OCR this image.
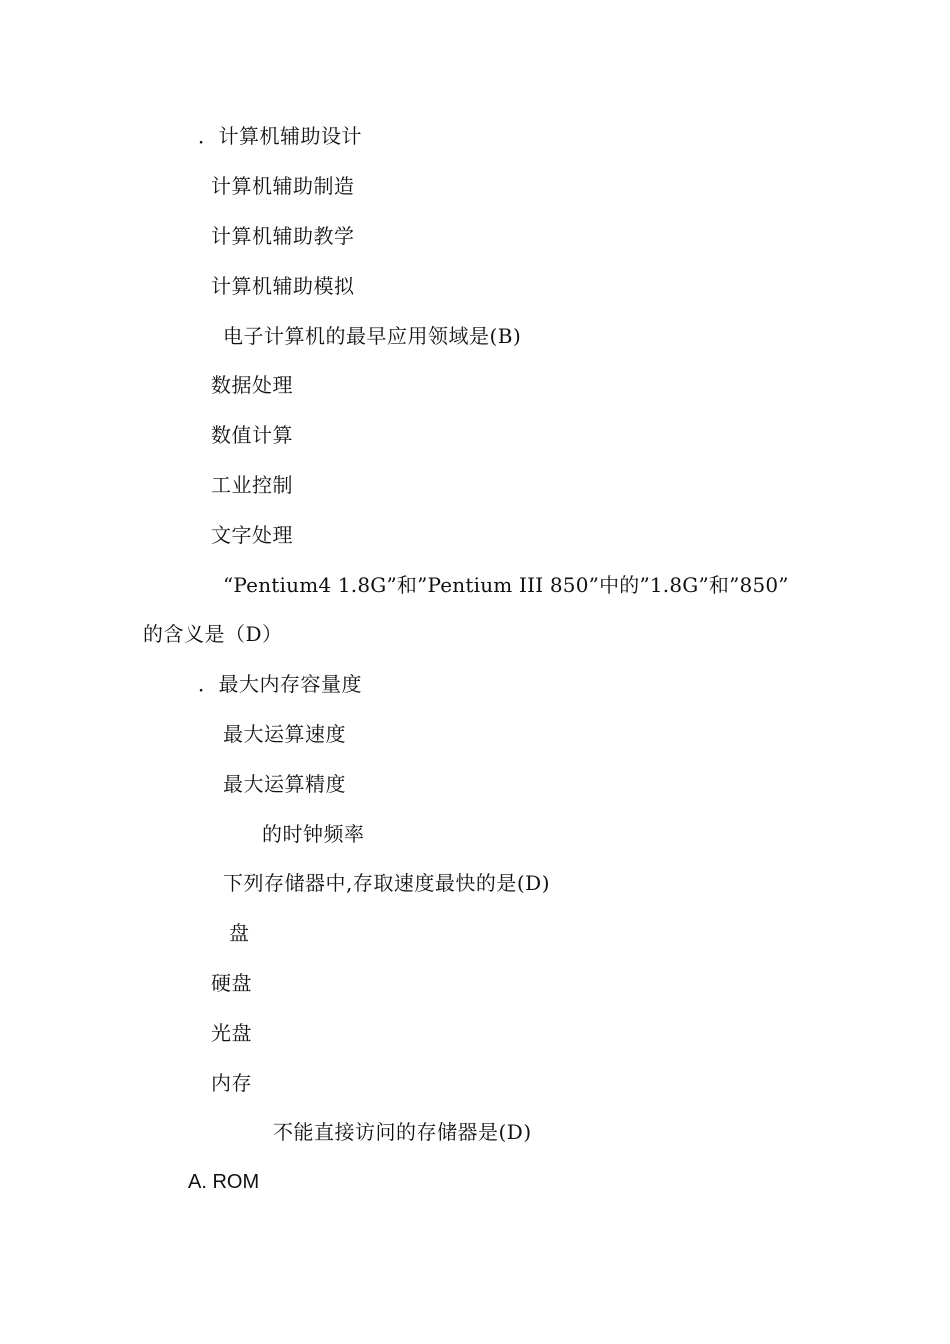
．计算机辅助设计
计算机辅助制造
计算机辅助教学
计算机辅助模拟
电子计算机的最早应用领域是(B)
数据处理
数值计算
工业控制
文字处理
“Pentium4 1.8G”和”Pentium III 850”中的”1.8G”和”850”
的含义是（D）
．最大内存容量度
最大运算速度
最大运算精度
的时钟频率
下列存储器中,存取速度最快的是(D)
盘
硬盘
光盘
内存
不能直接访问的存储器是(D)
A. ROM
